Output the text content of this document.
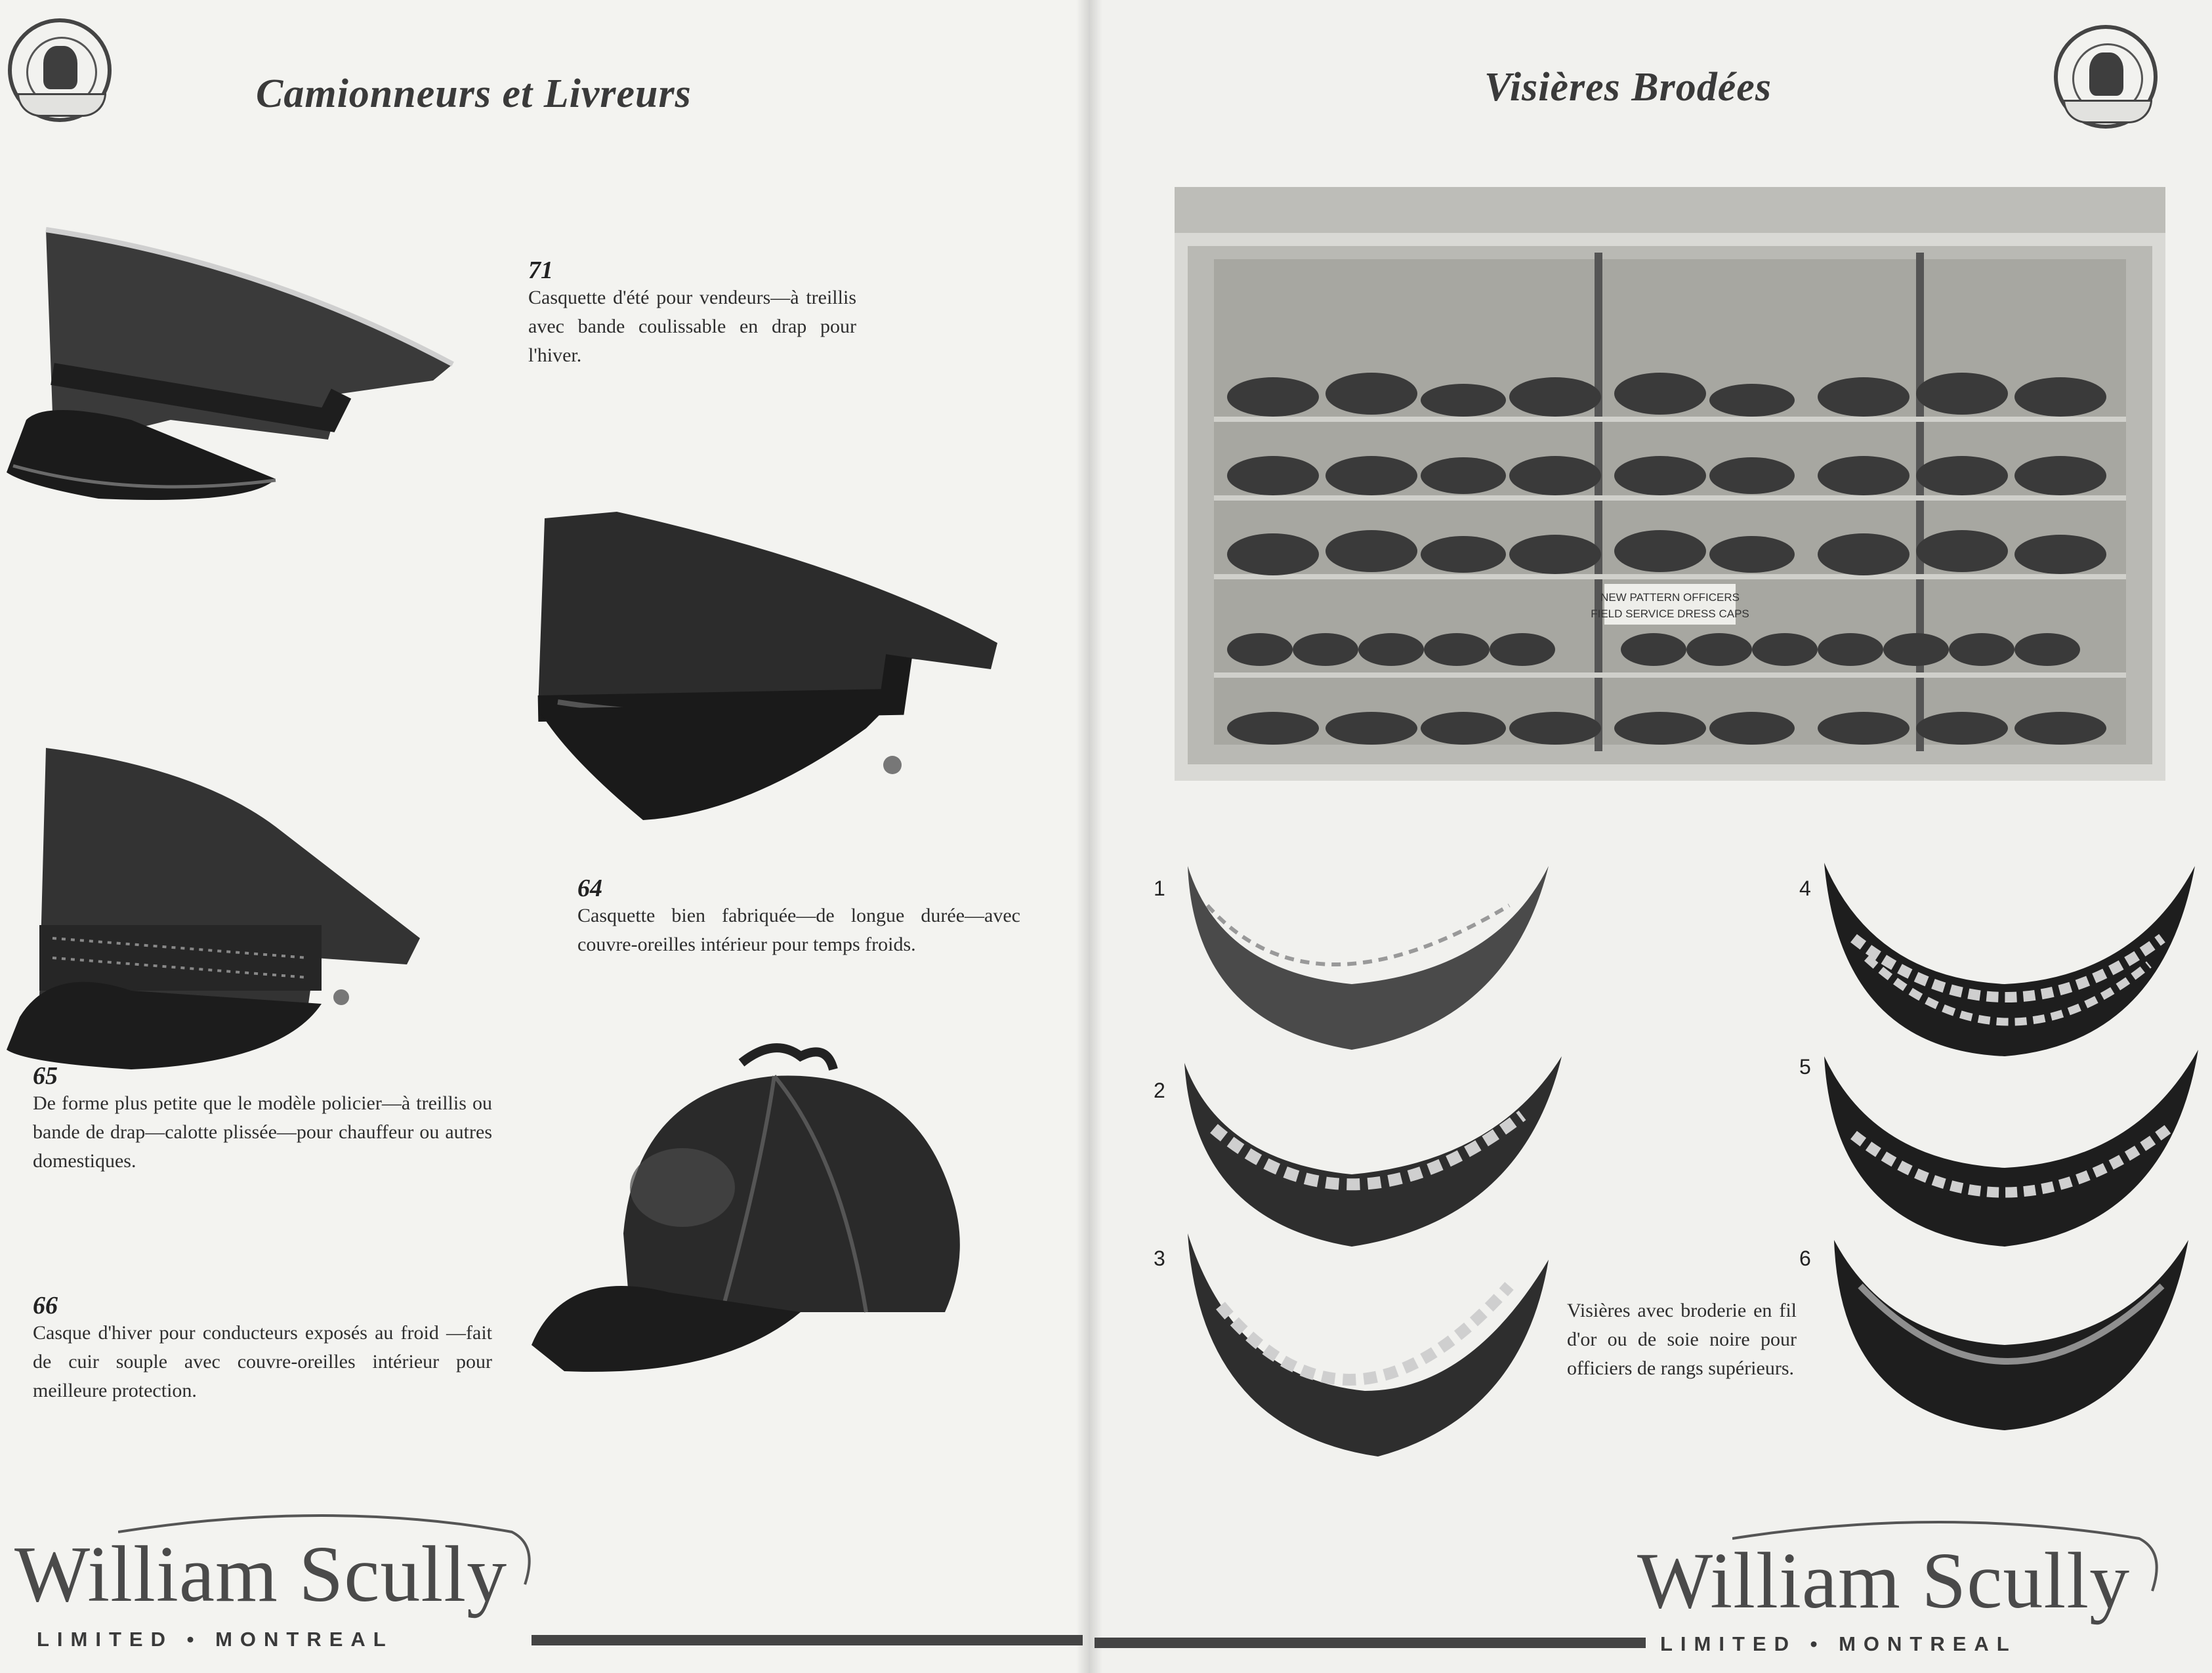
Camionneurs et Livreurs	Visières Brodées
71
Casquette d'été pour vendeurs—à treillis avec bande coulissable en drap pour l'hiver.
64
Casquette bien fabriquée—de longue durée—avec couvre-oreilles intérieur pour temps froids.
65
De forme plus petite que le modèle policier—à treillis ou bande de drap—calotte plissée—pour chauffeur ou autres domestiques.
66
Casque d'hiver pour conducteurs exposés au froid —fait de cuir souple avec couvre-oreilles intérieur pour meilleure protection.
William Scully
LIMITED • MONTREAL
NEW PATTERN OFFICERS
FIELD SERVICE DRESS CAPS
1
2
3
4
5
6
Visières avec broderie en fil d'or ou de soie noire pour officiers de rangs supérieurs.
William Scully
LIMITED • MONTREAL
